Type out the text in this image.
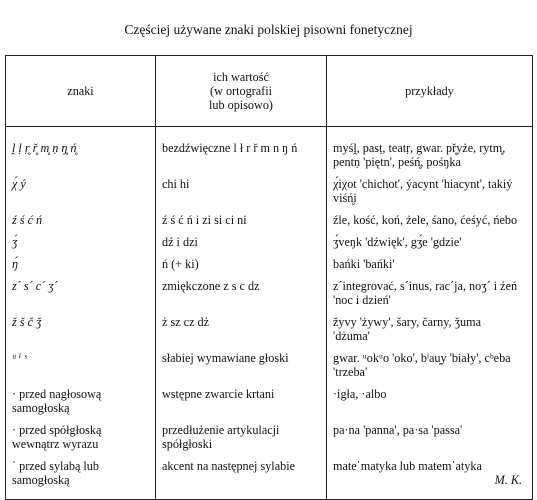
Częściej używane znaki polskiej pisowni fonetycznej
znaki	ich wartość
(w ortografii
lub opisowo)	przykłady
ḽ ḷ ṛ̥ ř̥ m̥ ṇ ŋ̥ ń̥	bezdźwięczne l ł r ř m n ŋ ń	myśḽ, pasṭ, teatṛ, gwar. př̥yże, rytm̥,
pentṇ 'piętn', peśń̥, pośŋka

χ́ ý	chi hi	χ́iχot 'chichot', ýacynt 'hiacynt', takiý
viśń̥i

ź ś ć ń	ź ś ć ń i zi si ci ni	źle, kość, koń, żele, śano, ćeśyć, ńebo

ʒ́	dź i dzi	ʒ́veŋk 'dźwięk', gʒ́e 'gdzie'

ŋ́	ń (+ ki)	bańki 'bańki'

z´ s´ c´ ʒ´	zmiękczone z s c dz	z´integrovać, s´inus, rac´ja, noʒ´ i źeń
'noc i dzień'

ž š č ǯ	ż sz cz dż	žyvy 'żywy', šary, čarny, ǯuma
'dżuma'

ᵘ ⁱ ˢ	słabiej wymawiane głoski	gwar. ᵘokᵘo 'oko', bˡau̯y 'biały', cᵇeba
'trzeba'

· przed nagłosową samogłoską	wstępne zwarcie krtani	·igła, ·albo

· przed spółgłoską wewnątrz wyrazu	przedłużenie artykulacji spółgłoski	pa·na 'panna', pa·sa 'passa'

ˈ przed sylabą lub samogłoską	akcent na następnej sylabie	mateˈmatyka lub matemˈatyka
M. K.
